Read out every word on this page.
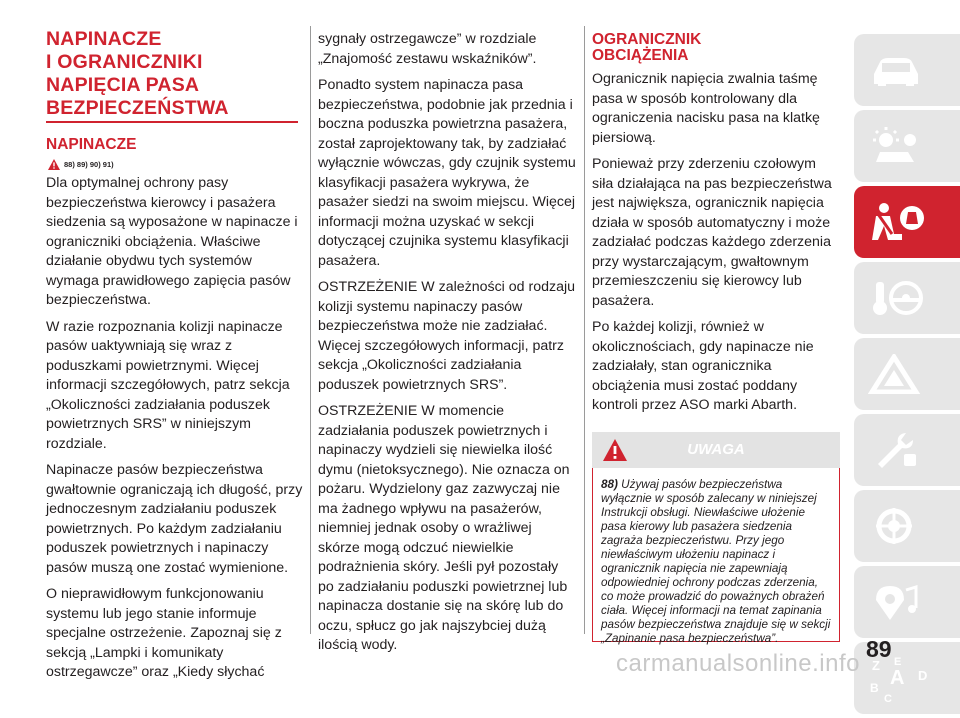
NAPINACZE
I OGRANICZNIKI
NAPIĘCIA PASA
BEZPIECZEŃSTWA
NAPINACZE
88) 89) 90) 91)

Dla optymalnej ochrony pasy bezpieczeństwa kierowcy i pasażera siedzenia są wyposażone w napinacze i ograniczniki obciążenia. Właściwe działanie obydwu tych systemów wymaga prawidłowego zapięcia pasów bezpieczeństwa.

W razie rozpoznania kolizji napinacze pasów uaktywniają się wraz z poduszkami powietrznymi. Więcej informacji szczegółowych, patrz sekcja „Okoliczności zadziałania poduszek powietrznych SRS” w niniejszym rozdziale.

Napinacze pasów bezpieczeństwa gwałtownie ograniczają ich długość, przy jednoczesnym zadziałaniu poduszek powietrznych. Po każdym zadziałaniu poduszek powietrznych i napinaczy pasów muszą one zostać wymienione.

O nieprawidłowym funkcjonowaniu systemu lub jego stanie informuje specjalne ostrzeżenie. Zapoznaj się z sekcją „Lampki i komunikaty ostrzegawcze” oraz „Kiedy słychać

sygnały ostrzegawcze” w rozdziale „Znajomość zestawu wskaźników”.

Ponadto system napinacza pasa bezpieczeństwa, podobnie jak przednia i boczna poduszka powietrzna pasażera, został zaprojektowany tak, by zadziałać wyłącznie wówczas, gdy czujnik systemu klasyfikacji pasażera wykrywa, że pasażer siedzi na swoim miejscu. Więcej informacji można uzyskać w sekcji dotyczącej czujnika systemu klasyfikacji pasażera.

OSTRZEŻENIE W zależności od rodzaju kolizji systemu napinaczy pasów bezpieczeństwa może nie zadziałać. Więcej szczegółowych informacji, patrz sekcja „Okoliczności zadziałania poduszek powietrznych SRS”.

OSTRZEŻENIE W momencie zadziałania poduszek powietrznych i napinaczy wydzieli się niewielka ilość dymu (nietoksycznego). Nie oznacza on pożaru. Wydzielony gaz zazwyczaj nie ma żadnego wpływu na pasażerów, niemniej jednak osoby o wrażliwej skórze mogą odczuć niewielkie podrażnienia skóry. Jeśli pył pozostały po zadziałaniu poduszki powietrznej lub napinacza dostanie się na skórę lub do oczu, spłucz go jak najszybciej dużą ilością wody.

OGRANICZNIK
OBCIĄŻENIA

Ogranicznik napięcia zwalnia taśmę pasa w sposób kontrolowany dla ograniczenia nacisku pasa na klatkę piersiową.

Ponieważ przy zderzeniu czołowym siła działająca na pas bezpieczeństwa jest największa, ogranicznik napięcia działa w sposób automatyczny i może zadziałać podczas każdego zderzenia przy wystarczającym, gwałtownym przemieszczeniu się kierowcy lub pasażera.

Po każdej kolizji, również w okolicznościach, gdy napinacze nie zadziałały, stan ogranicznika obciążenia musi zostać poddany kontroli przez ASO marki Abarth.

UWAGA

88) Używaj pasów bezpieczeństwa wyłącznie w sposób zalecany w niniejszej Instrukcji obsługi. Niewłaściwe ułożenie pasa kierowy lub pasażera siedzenia zagraża bezpieczeństwu. Przy jego niewłaściwym ułożeniu napinacz i ogranicznik napięcia nie zapewniają odpowiedniej ochrony podczas zderzenia, co może prowadzić do poważnych obrażeń ciała. Więcej informacji na temat zapinania pasów bezpieczeństwa znajduje się w sekcji „Zapinanie pasa bezpieczeństwa”.

Z E
B A
C
D
89
carmanualsonline.info
